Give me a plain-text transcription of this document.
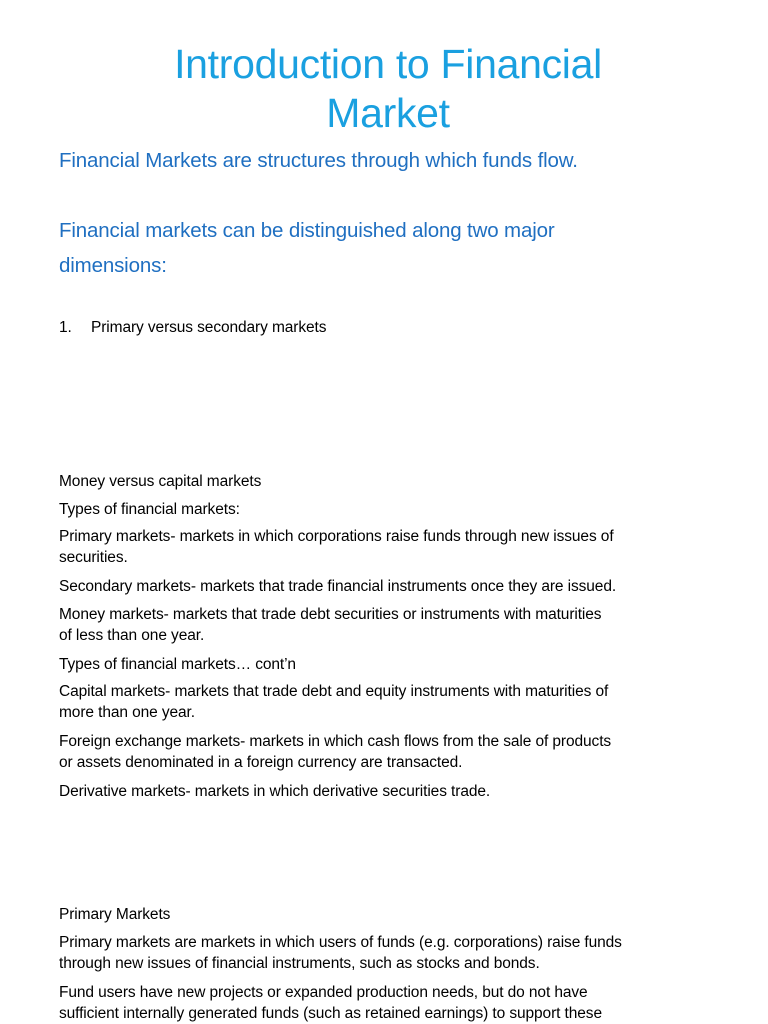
Introduction to Financial
Market

Financial Markets are structures through which funds flow.

Financial markets can be distinguished along two major
dimensions:

1. Primary versus secondary markets

Money versus capital markets

Types of financial markets:

Primary markets- markets in which corporations raise funds through new issues of
securities.

Secondary markets- markets that trade financial instruments once they are issued.

Money markets- markets that trade debt securities or instruments with maturities
of less than one year.

Types of financial markets… cont’n

Capital markets- markets that trade debt and equity instruments with maturities of
more than one year.

Foreign exchange markets- markets in which cash flows from the sale of products
or assets denominated in a foreign currency are transacted.

Derivative markets- markets in which derivative securities trade.

Primary Markets

Primary markets are markets in which users of funds (e.g. corporations) raise funds
through new issues of financial instruments, such as stocks and bonds.

Fund users have new projects or expanded production needs, but do not have
sufficient internally generated funds (such as retained earnings) to support these
